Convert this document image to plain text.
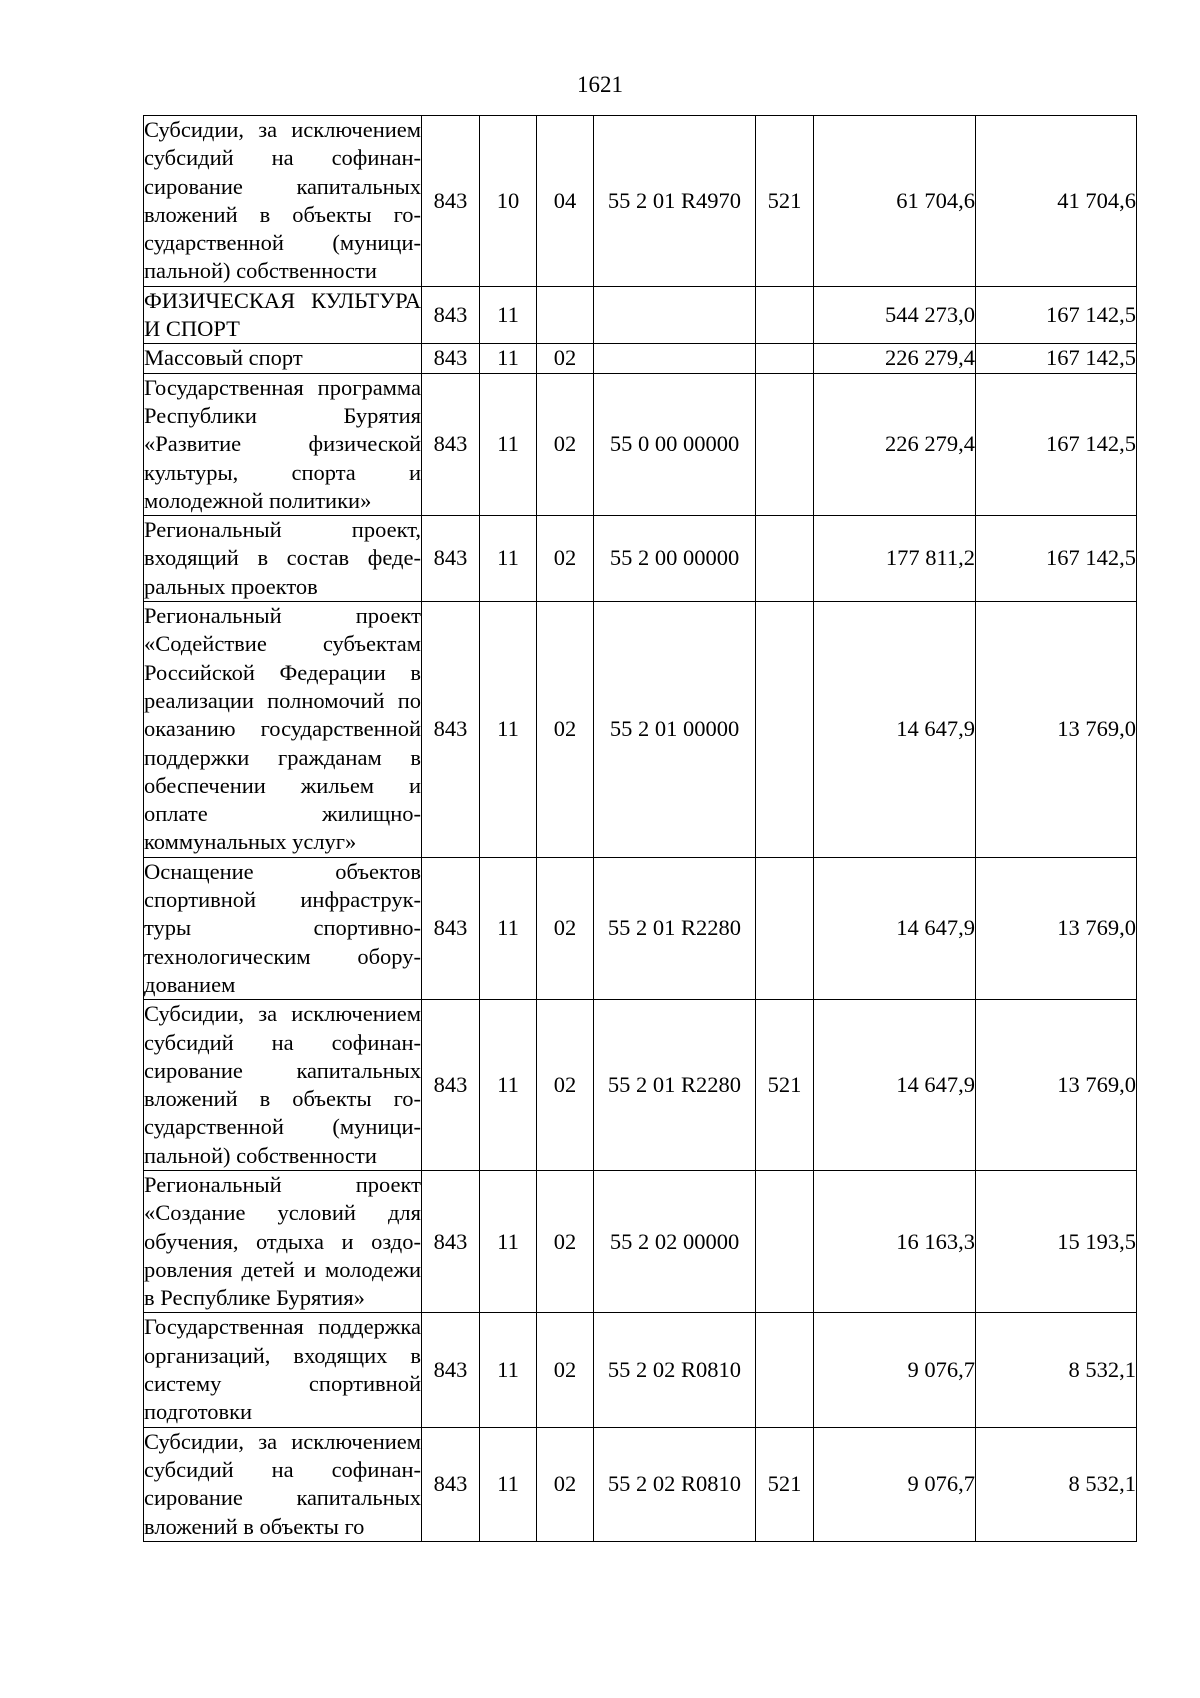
1621
Субсидии, за исключением субсидий на софинансирование капитальных вложений в объекты государственной (муниципальной) собственности	843	10	04	55 2 01 R4970	521	61 704,6	41 704,6
ФИЗИЧЕСКАЯ КУЛЬТУРА И СПОРТ	843	11				544 273,0	167 142,5
Массовый спорт	843	11	02			226 279,4	167 142,5
Государственная программа Республики Бурятия «Развитие физической культуры, спорта и молодежной политики»	843	11	02	55 0 00 00000		226 279,4	167 142,5
Региональный проект, входящий в состав федеральных проектов	843	11	02	55 2 00 00000		177 811,2	167 142,5
Региональный проект «Содействие субъектам Российской Федерации в реализации полномочий по оказанию государственной поддержки гражданам в обеспечении жильем и оплате жилищно-коммунальных услуг»	843	11	02	55 2 01 00000		14 647,9	13 769,0
Оснащение объектов спортивной инфраструктуры спортивно-технологическим оборудованием	843	11	02	55 2 01 R2280		14 647,9	13 769,0
Субсидии, за исключением субсидий на софинансирование капитальных вложений в объекты государственной (муниципальной) собственности	843	11	02	55 2 01 R2280	521	14 647,9	13 769,0
Региональный проект «Создание условий для обучения, отдыха и оздоровления детей и молодежи в Республике Бурятия»	843	11	02	55 2 02 00000		16 163,3	15 193,5
Государственная поддержка организаций, входящих в систему спортивной подготовки	843	11	02	55 2 02 R0810		9 076,7	8 532,1
Субсидии, за исключением субсидий на софинансирование капитальных вложений в объекты го	843	11	02	55 2 02 R0810	521	9 076,7	8 532,1
